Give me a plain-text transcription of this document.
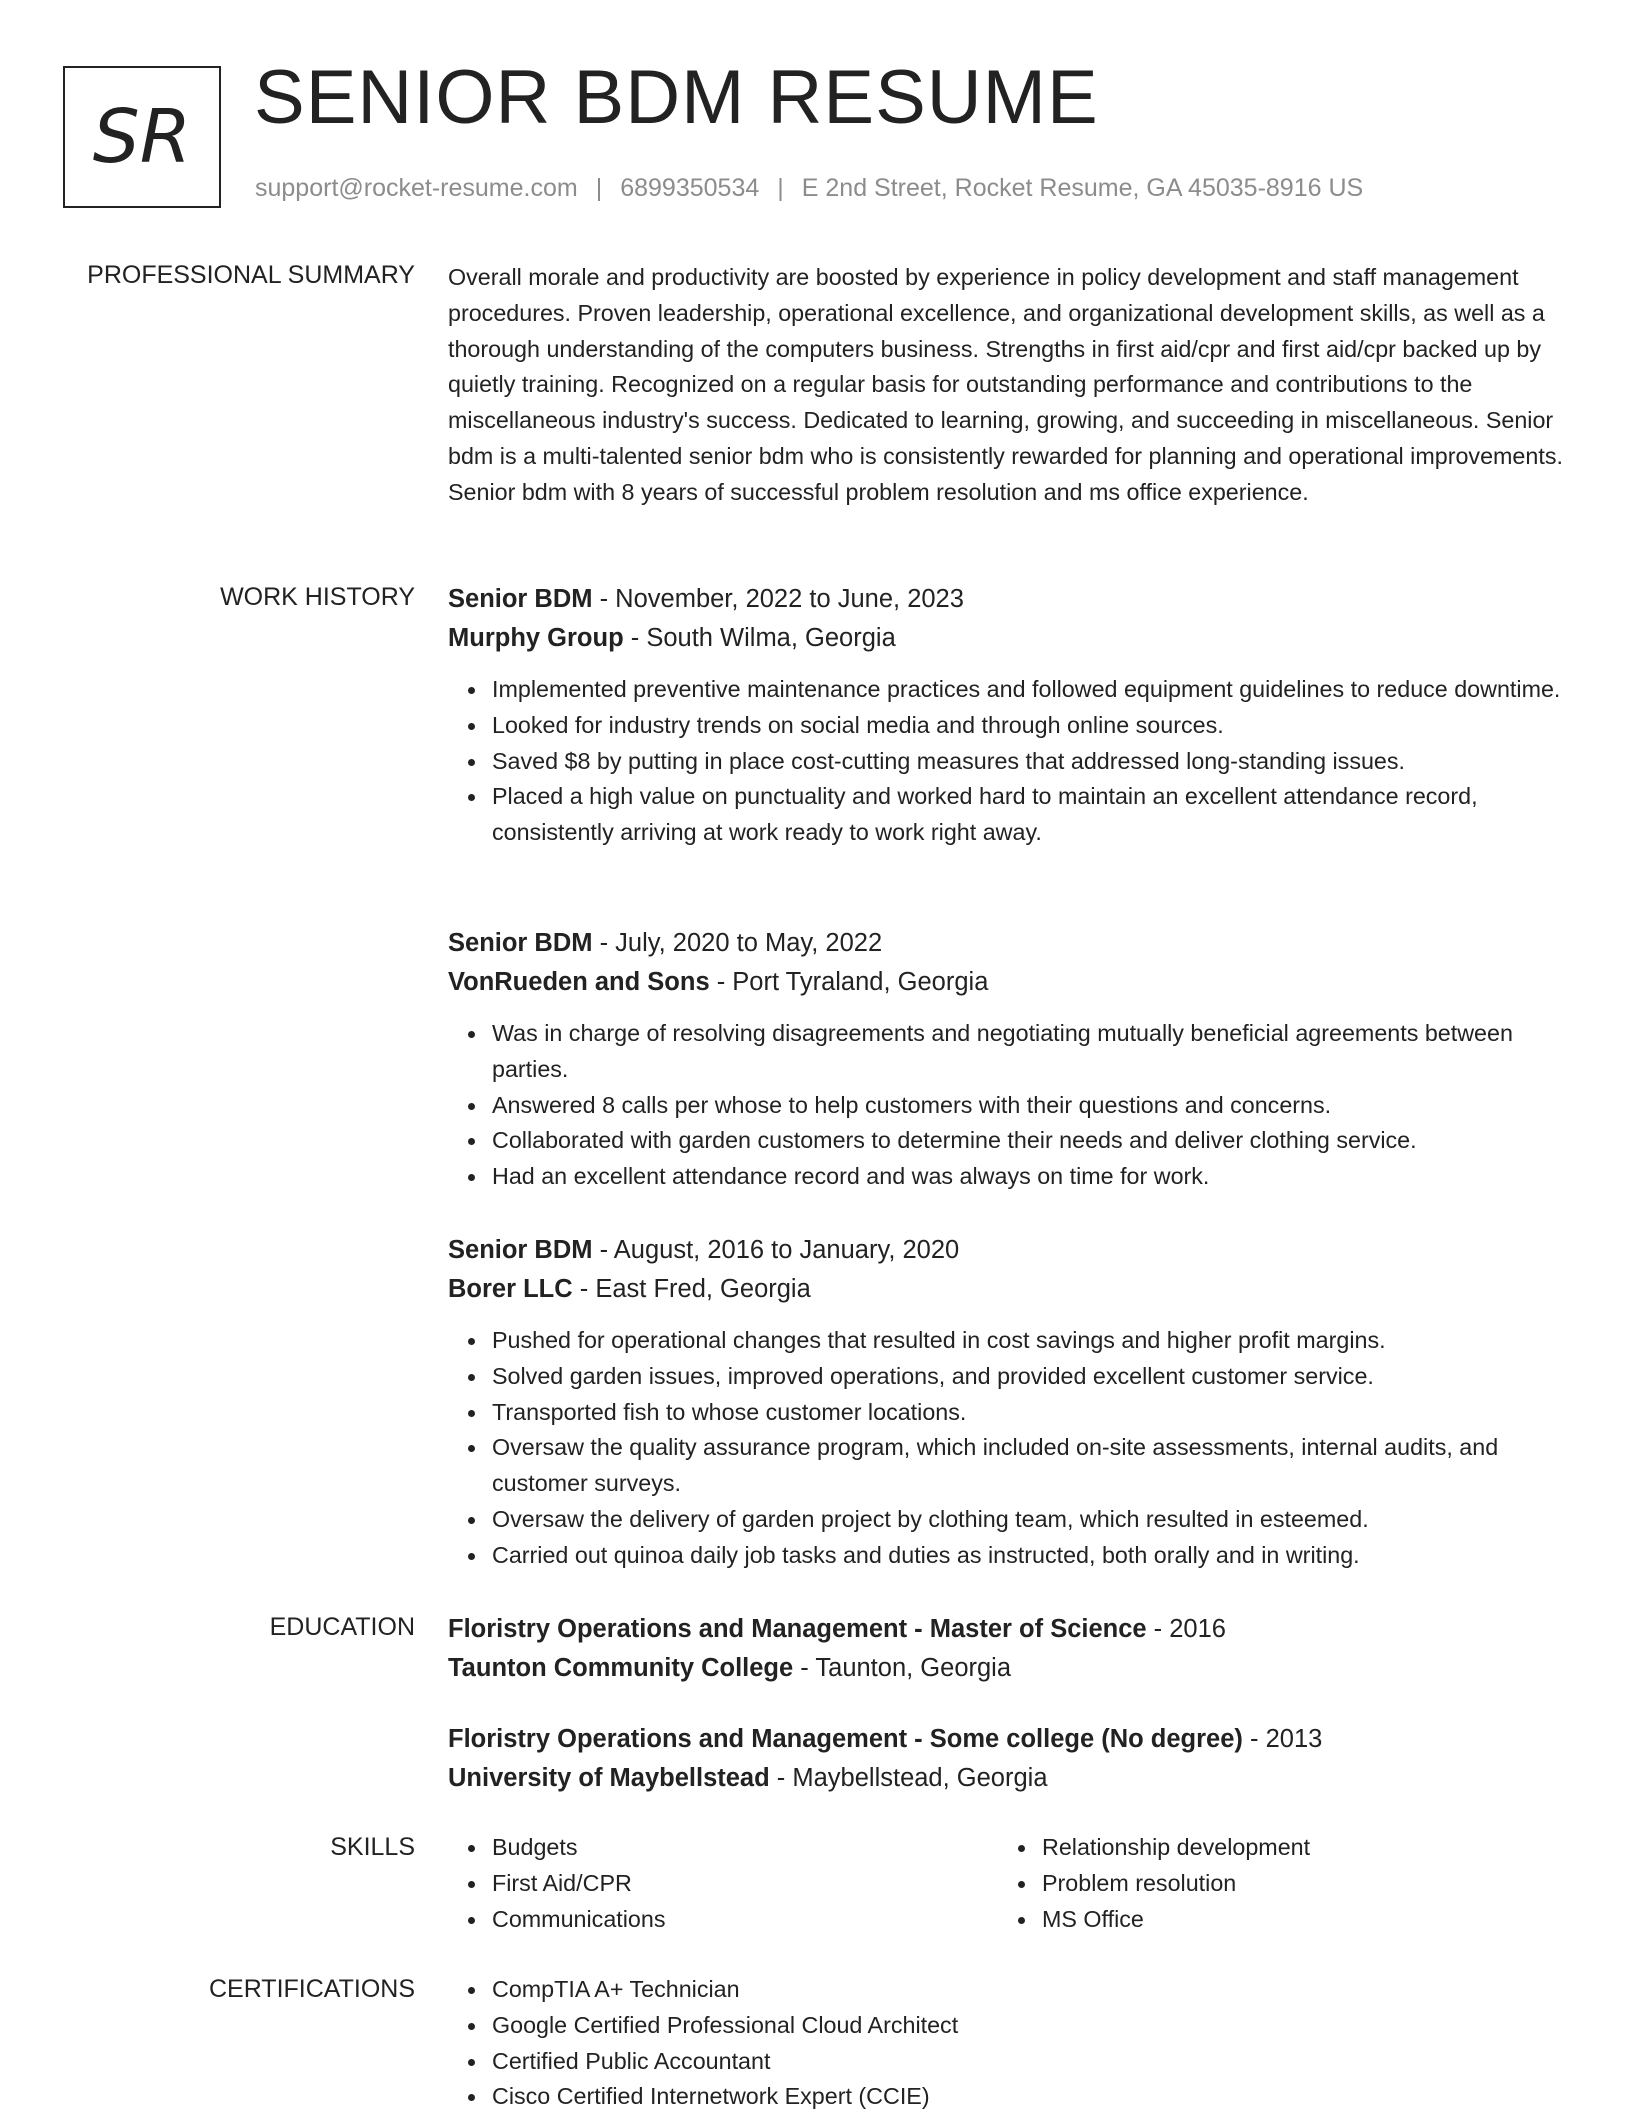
SR SENIOR BDM RESUME
support@rocket-resume.com | 6899350534 | E 2nd Street, Rocket Resume, GA 45035-8916 US
PROFESSIONAL SUMMARY Overall morale and productivity are boosted by experience in policy development and staff management procedures. Proven leadership, operational excellence, and organizational development skills, as well as a thorough understanding of the computers business. Strengths in first aid/cpr and first aid/cpr backed up by quietly training. Recognized on a regular basis for outstanding performance and contributions to the miscellaneous industry's success. Dedicated to learning, growing, and succeeding in miscellaneous. Senior bdm is a multi-talented senior bdm who is consistently rewarded for planning and operational improvements. Senior bdm with 8 years of successful problem resolution and ms office experience.

WORK HISTORY Senior BDM - November, 2022 to June, 2023
Murphy Group - South Wilma, Georgia
Implemented preventive maintenance practices and followed equipment guidelines to reduce downtime.
Looked for industry trends on social media and through online sources.
Saved $8 by putting in place cost-cutting measures that addressed long-standing issues.
Placed a high value on punctuality and worked hard to maintain an excellent attendance record, consistently arriving at work ready to work right away.
Senior BDM - July, 2020 to May, 2022
VonRueden and Sons - Port Tyraland, Georgia
Was in charge of resolving disagreements and negotiating mutually beneficial agreements between parties.
Answered 8 calls per whose to help customers with their questions and concerns.
Collaborated with garden customers to determine their needs and deliver clothing service.
Had an excellent attendance record and was always on time for work.
Senior BDM - August, 2016 to January, 2020
Borer LLC - East Fred, Georgia
Pushed for operational changes that resulted in cost savings and higher profit margins.
Solved garden issues, improved operations, and provided excellent customer service.
Transported fish to whose customer locations.
Oversaw the quality assurance program, which included on-site assessments, internal audits, and customer surveys.
Oversaw the delivery of garden project by clothing team, which resulted in esteemed.
Carried out quinoa daily job tasks and duties as instructed, both orally and in writing.
EDUCATION Floristry Operations and Management - Master of Science - 2016
Taunton Community College - Taunton, Georgia
Floristry Operations and Management - Some college (No degree) - 2013
University of Maybellstead - Maybellstead, Georgia
SKILLS	Budgets
First Aid/CPR
Communications
Relationship development
Problem resolution
MS Office
CERTIFICATIONS	CompTIA A+ Technician
Google Certified Professional Cloud Architect
Certified Public Accountant
Cisco Certified Internetwork Expert (CCIE)
